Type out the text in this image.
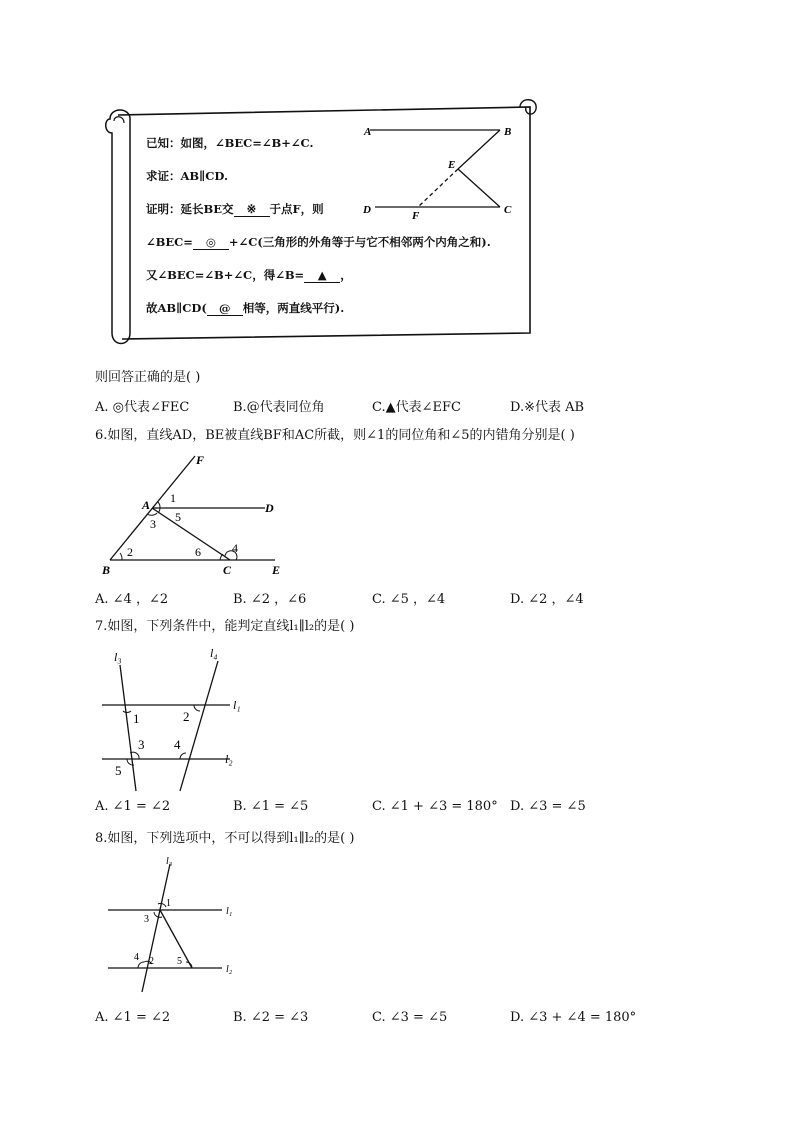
A	B
E
D	F	C
已知：如图，∠BEC=∠B+∠C.
求证：AB∥CD.
证明：延长BE交 ※ 于点F，则
∠BEC= ◎ +∠C(三角形的外角等于与它不相邻两个内角之和).
又∠BEC=∠B+∠C，得∠B= ▲ ，
故AB∥CD( @ 相等，两直线平行).
则回答正确的是( )
A. ◎代表∠FEC	B.@代表同位角	C.▲代表∠EFC	D.※代表 AB
6.如图，直线AD，BE被直线BF和AC所截，则∠1的同位角和∠5的内错角分别是( )
F
A	D
B	C	E
1
5
3
2	6	4
A. ∠4 ，∠2	B. ∠2 ，∠6	C. ∠5 ，∠4	D. ∠2 ，∠4
7.如图，下列条件中，能判定直线l₁∥l₂的是( )
l₃	l₄
l₁
l₂
1	2
3 4
5
A. ∠1 = ∠2	B. ∠1 = ∠5	C. ∠1 + ∠3 = 180° D. ∠3 = ∠5
8.如图，下列选项中，不可以得到l₁∥l₂的是( )
l₃
l₁
l₂
1
3
4 2 5
A. ∠1 = ∠2	B. ∠2 = ∠3	C. ∠3 = ∠5	D. ∠3 + ∠4 = 180°
